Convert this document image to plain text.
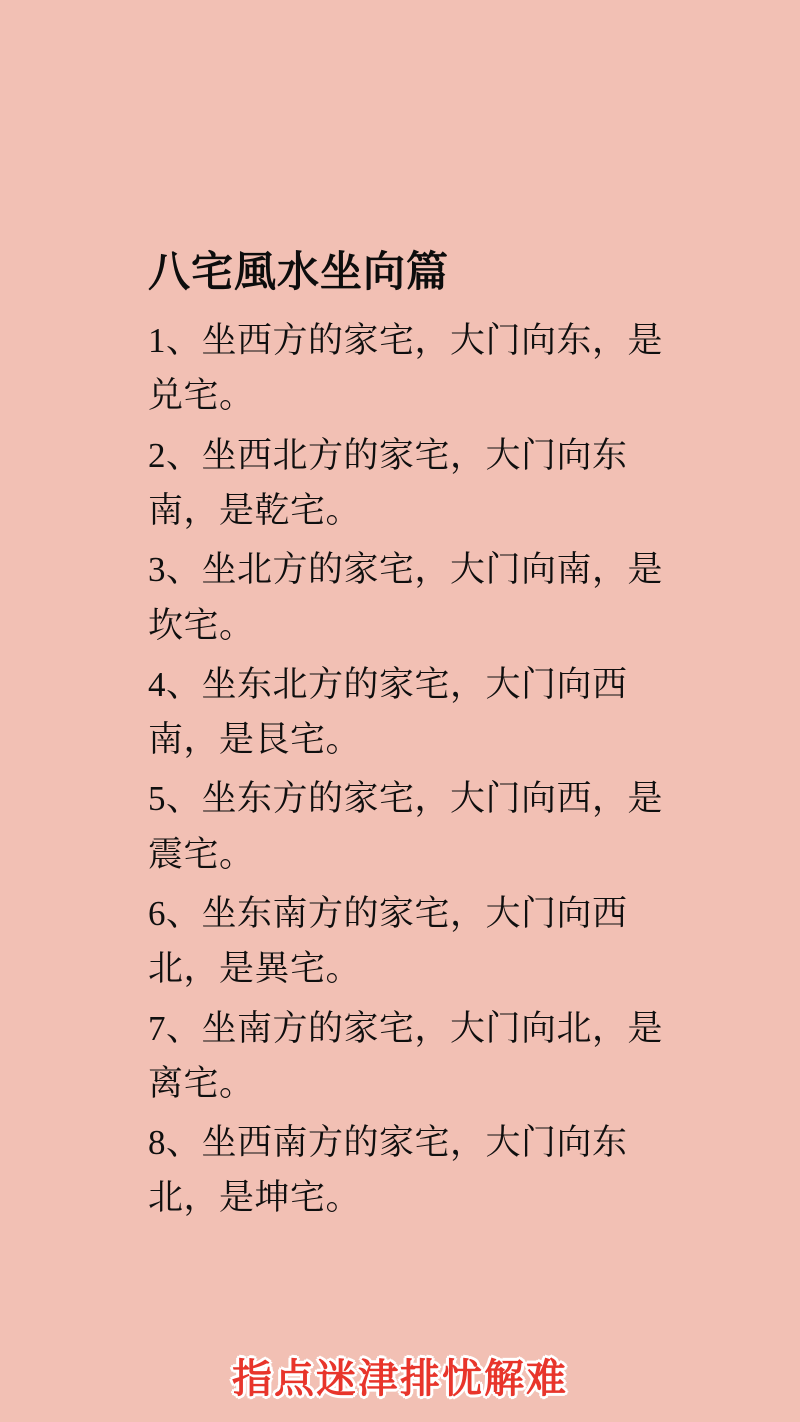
八宅風水坐向篇
1、坐西方的家宅，大门向东，是兑宅。
2、坐西北方的家宅，大门向东南，是乾宅。
3、坐北方的家宅，大门向南，是坎宅。
4、坐东北方的家宅，大门向西南，是艮宅。
5、坐东方的家宅，大门向西，是震宅。
6、坐东南方的家宅，大门向西北，是異宅。
7、坐南方的家宅，大门向北，是离宅。
8、坐西南方的家宅，大门向东北，是坤宅。
指点迷津排忧解难
